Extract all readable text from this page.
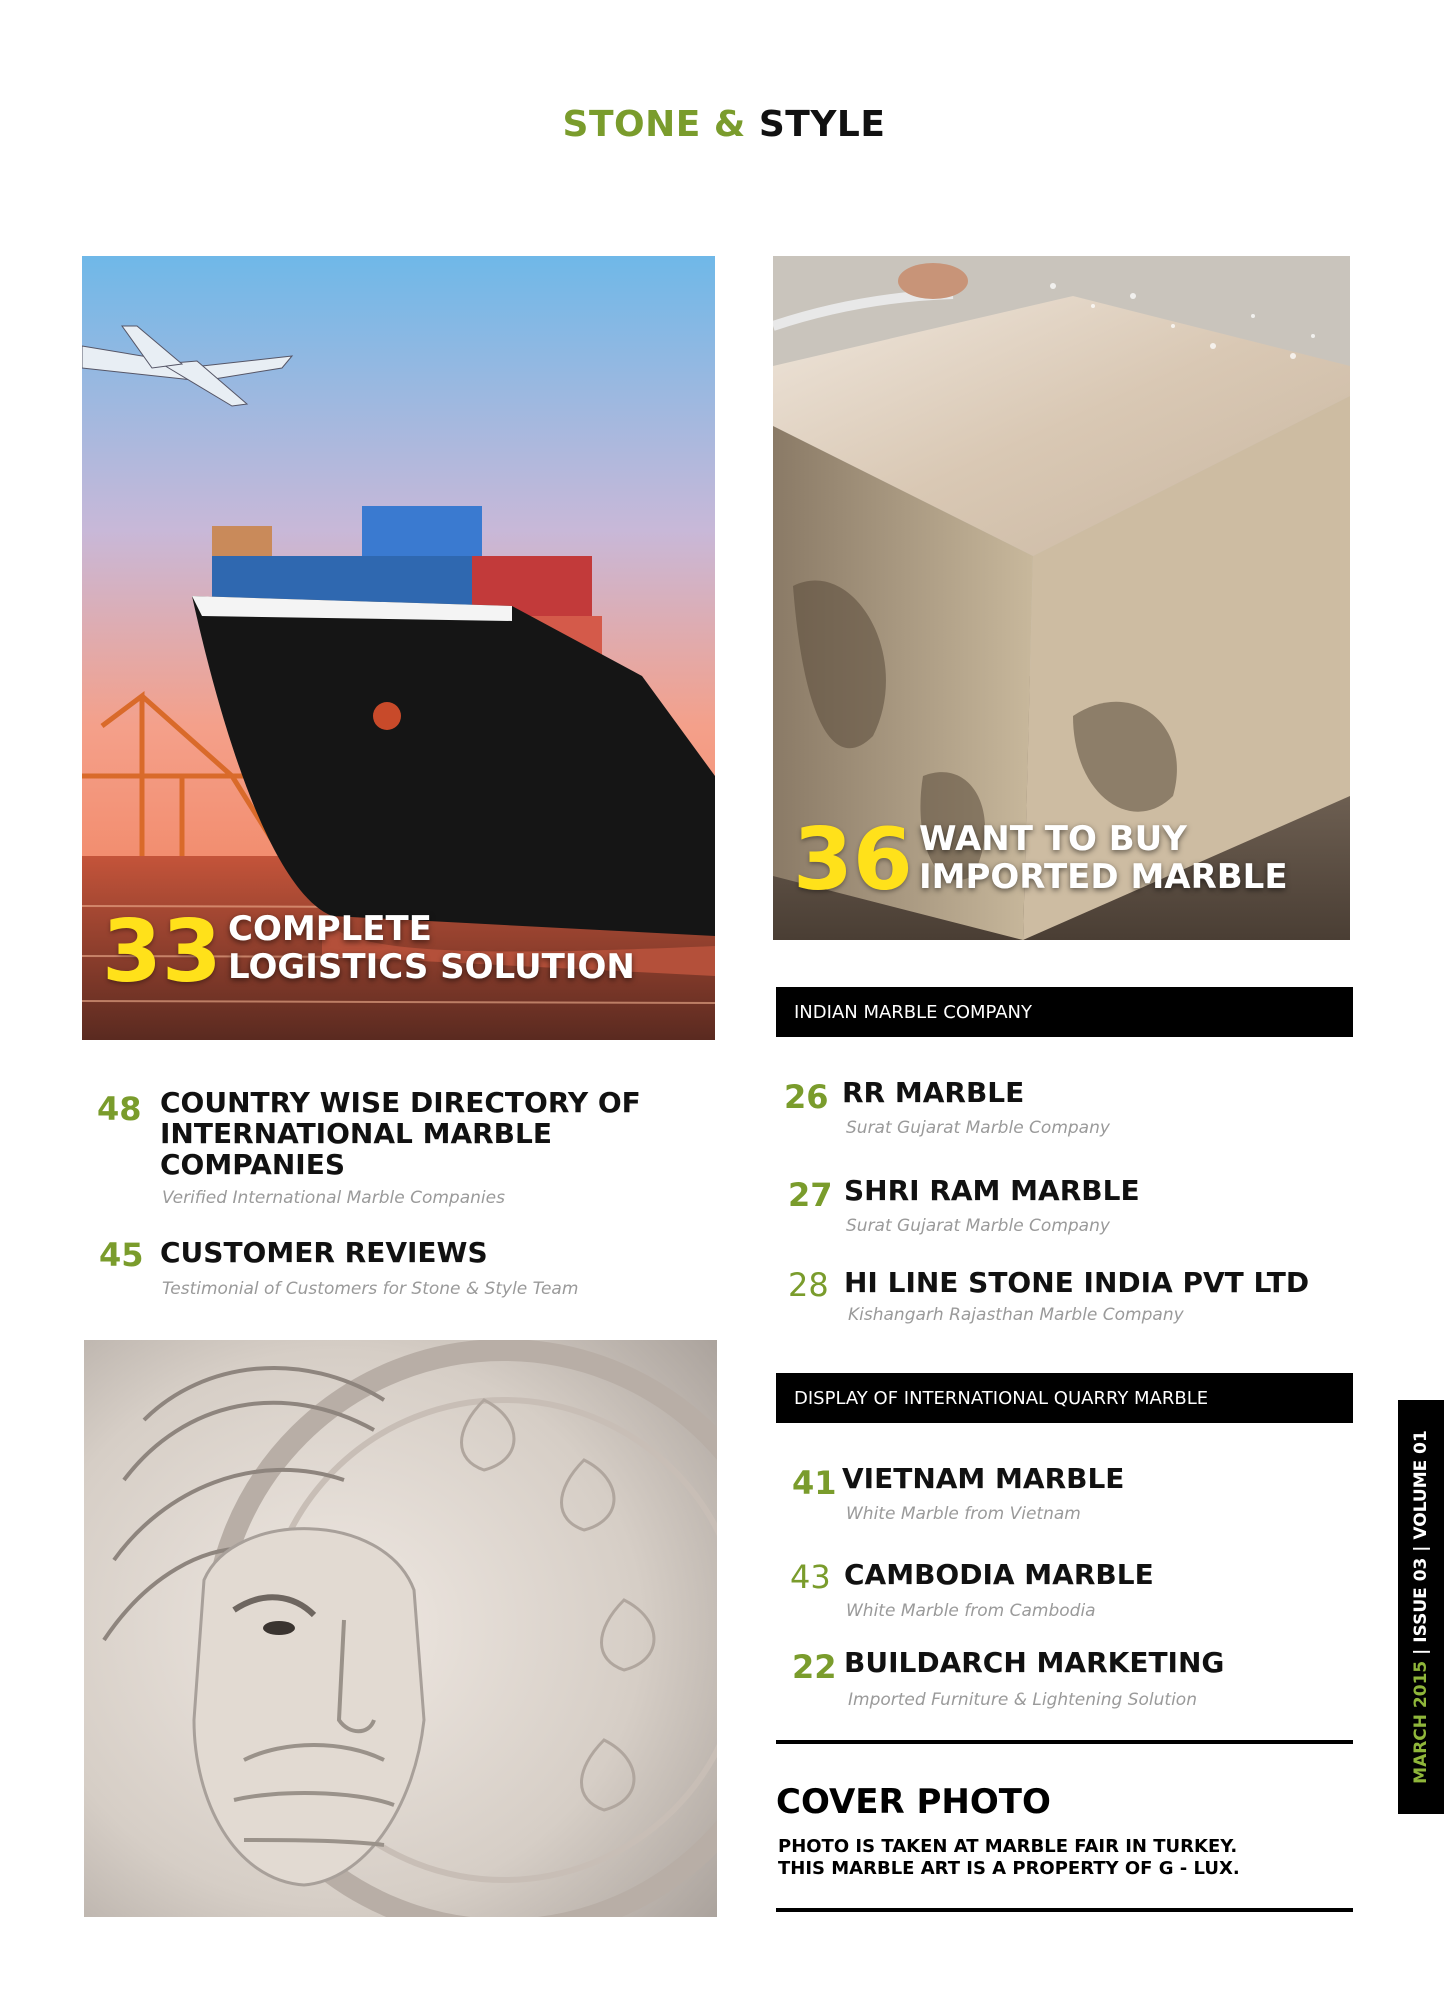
STONE & STYLE
33 COMPLETE
LOGISTICS SOLUTION
36 WANT TO BUY
IMPORTED MARBLE
48 COUNTRY WISE DIRECTORY OF
INTERNATIONAL MARBLE
COMPANIES
Verified International Marble Companies
45 CUSTOMER REVIEWS
Testimonial of Customers for Stone & Style Team
INDIAN MARBLE COMPANY
26 RR MARBLE
Surat Gujarat Marble Company
27 SHRI RAM MARBLE
Surat Gujarat Marble Company
28 HI LINE STONE INDIA PVT LTD
Kishangarh Rajasthan Marble Company
DISPLAY OF INTERNATIONAL QUARRY MARBLE
41 VIETNAM MARBLE
White Marble from Vietnam
43 CAMBODIA MARBLE
White Marble from Cambodia
22 BUILDARCH MARKETING
Imported Furniture & Lightening Solution
COVER PHOTO
PHOTO IS TAKEN AT MARBLE FAIR IN TURKEY.
THIS MARBLE ART IS A PROPERTY OF G - LUX.
MARCH 2015 | ISSUE 03 | VOLUME 01
